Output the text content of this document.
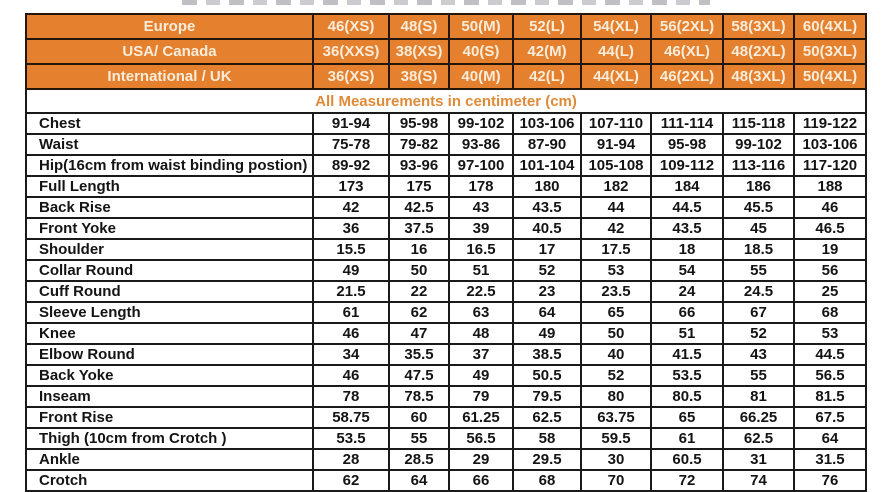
Europe	46(XS)	48(S)	50(M)	52(L)	54(XL)	56(2XL)	58(3XL)	60(4XL)
USA/ Canada	36(XXS)	38(XS)	40(S)	42(M)	44(L)	46(XL)	48(2XL)	50(3XL)
International / UK	36(XS)	38(S)	40(M)	42(L)	44(XL)	46(2XL)	48(3XL)	50(4XL)
All Measurements in centimeter (cm)								
Chest	91-94	95-98	99-102	103-106	107-110	111-114	115-118	119-122
Waist	75-78	79-82	93-86	87-90	91-94	95-98	99-102	103-106
Hip(16cm from waist binding postion)	89-92	93-96	97-100	101-104	105-108	109-112	113-116	117-120
Full Length	173	175	178	180	182	184	186	188
Back Rise	42	42.5	43	43.5	44	44.5	45.5	46
Front Yoke	36	37.5	39	40.5	42	43.5	45	46.5
Shoulder	15.5	16	16.5	17	17.5	18	18.5	19
Collar Round	49	50	51	52	53	54	55	56
Cuff Round	21.5	22	22.5	23	23.5	24	24.5	25
Sleeve Length	61	62	63	64	65	66	67	68
Knee	46	47	48	49	50	51	52	53
Elbow Round	34	35.5	37	38.5	40	41.5	43	44.5
Back Yoke	46	47.5	49	50.5	52	53.5	55	56.5
Inseam	78	78.5	79	79.5	80	80.5	81	81.5
Front Rise	58.75	60	61.25	62.5	63.75	65	66.25	67.5
Thigh (10cm from Crotch )	53.5	55	56.5	58	59.5	61	62.5	64
Ankle	28	28.5	29	29.5	30	60.5	31	31.5
Crotch	62	64	66	68	70	72	74	76
